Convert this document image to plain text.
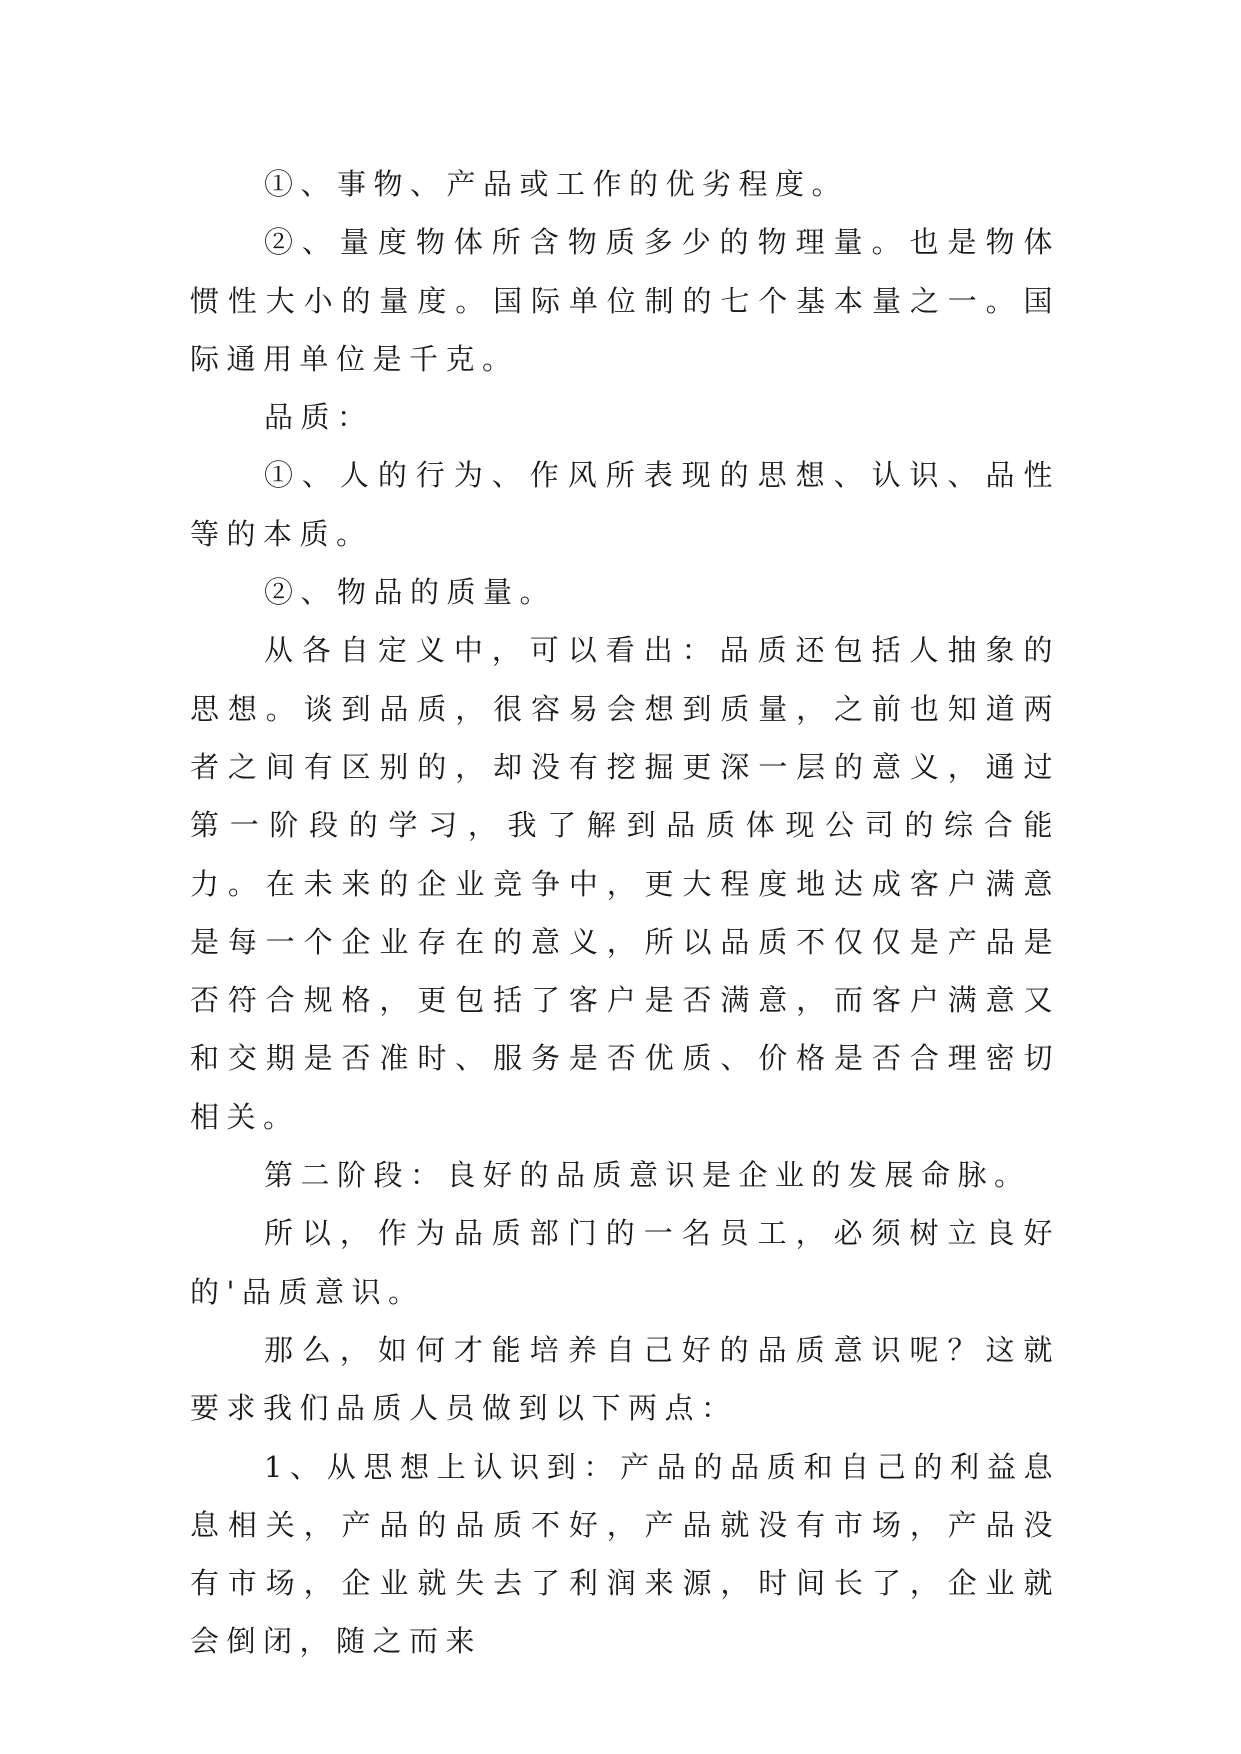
①、事物、产品或工作的优劣程度。

②、量度物体所含物质多少的物理量。也是物体惯性大小的量度。国际单位制的七个基本量之一。国际通用单位是千克。

品质：

①、人的行为、作风所表现的思想、认识、品性等的本质。

②、物品的质量。

从各自定义中，可以看出：品质还包括人抽象的思想。谈到品质，很容易会想到质量，之前也知道两者之间有区别的，却没有挖掘更深一层的意义，通过第一阶段的学习，我了解到品质体现公司的综合能力。在未来的企业竞争中，更大程度地达成客户满意是每一个企业存在的意义，所以品质不仅仅是产品是否符合规格，更包括了客户是否满意，而客户满意又和交期是否准时、服务是否优质、价格是否合理密切相关。

第二阶段：良好的品质意识是企业的发展命脉。

所以，作为品质部门的一名员工，必须树立良好的'品质意识。

那么，如何才能培养自己好的品质意识呢？这就要求我们品质人员做到以下两点：

1、从思想上认识到：产品的品质和自己的利益息息相关，产品的品质不好，产品就没有市场，产品没有市场，企业就失去了利润来源，时间长了，企业就会倒闭，随之而来
